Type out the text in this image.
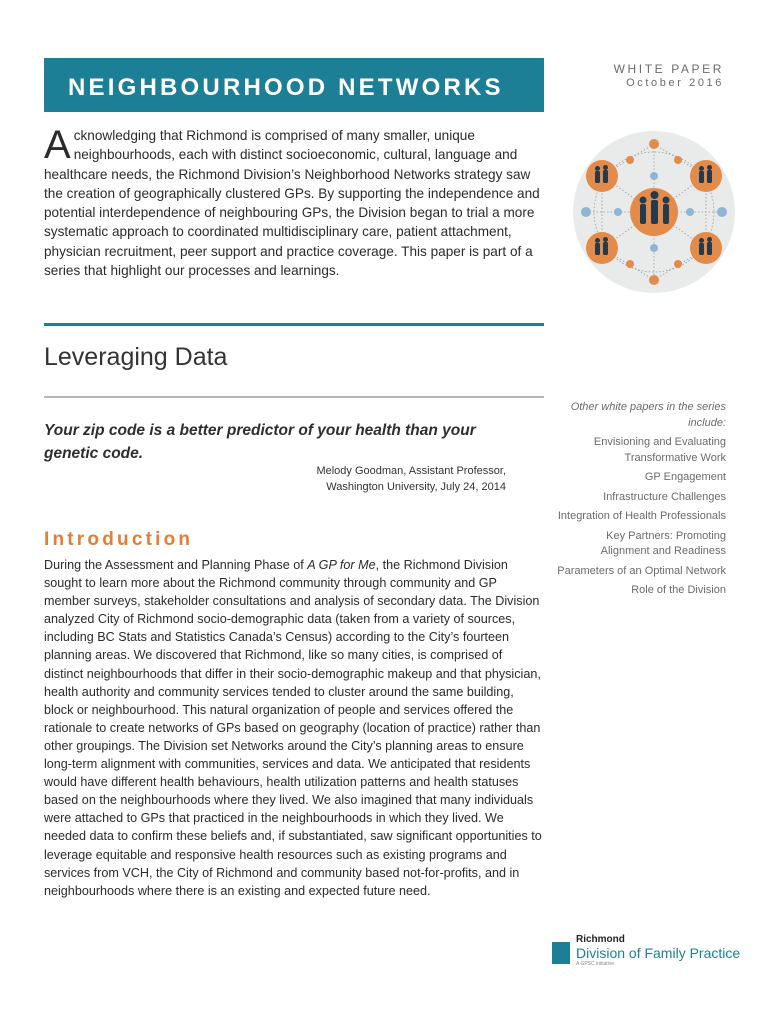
NEIGHBOURHOOD NETWORKS
WHITE PAPER
October 2016
Acknowledging that Richmond is comprised of many smaller, unique neighbourhoods, each with distinct socioeconomic, cultural, language and healthcare needs, the Richmond Division’s Neighborhood Networks strategy saw the creation of geographically clustered GPs. By supporting the independence and potential interdependence of neighbouring GPs, the Division began to trial a more systematic approach to coordinated multidisciplinary care, patient attachment, physician recruitment, peer support and practice coverage. This paper is part of a series that highlight our processes and learnings.
Leveraging Data
Your zip code is a better predictor of your health than your genetic code.
Melody Goodman, Assistant Professor,
Washington University, July 24, 2014
Introduction
During the Assessment and Planning Phase of A GP for Me, the Richmond Division sought to learn more about the Richmond community through community and GP member surveys, stakeholder consultations and analysis of secondary data. The Division analyzed City of Richmond socio-demographic data (taken from a variety of sources, including BC Stats and Statistics Canada’s Census) according to the City’s fourteen planning areas. We discovered that Richmond, like so many cities, is comprised of distinct neighbourhoods that differ in their socio-demographic makeup and that physician, health authority and community services tended to cluster around the same building, block or neighbourhood. This natural organization of people and services offered the rationale to create networks of GPs based on geography (location of practice) rather than other groupings. The Division set Networks around the City’s planning areas to ensure long-term alignment with communities, services and data. We anticipated that residents would have different health behaviours, health utilization patterns and health statuses based on the neighbourhoods where they lived. We also imagined that many individuals were attached to GPs that practiced in the neighbourhoods in which they lived. We needed data to confirm these beliefs and, if substantiated, saw significant opportunities to leverage equitable and responsive health resources such as existing programs and services from VCH, the City of Richmond and community based not-for-profits, and in neighbourhoods where there is an existing and expected future need.
Other white papers in the series include:
Envisioning and Evaluating Transformative Work
GP Engagement
Infrastructure Challenges
Integration of Health Professionals
Key Partners: Promoting Alignment and Readiness
Parameters of an Optimal Network
Role of the Division
Richmond
Division of Family Practice
A GPSC initiative
